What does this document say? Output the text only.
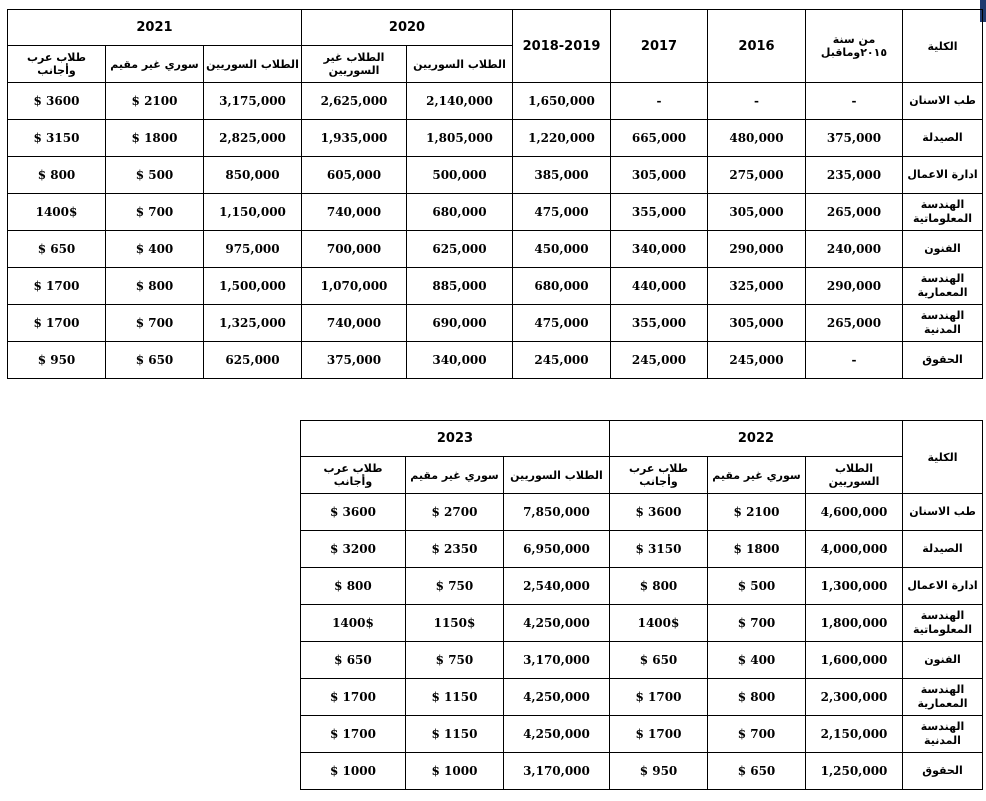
الكلية	من سنة ٢٠١٥وماقبل	2016	2017	2018-2019	2020		2021		
					الطلاب السوريين	الطلاب غير السوريين	الطلاب السوريين	سوري غير مقيم	طلاب عرب وأجانب
طب الاسنان	-	-	-	1,650,000	2,140,000	2,625,000	3,175,000	2100 $	3600 $
الصيدلة	375,000	480,000	665,000	1,220,000	1,805,000	1,935,000	2,825,000	1800 $	3150 $
ادارة الاعمال	235,000	275,000	305,000	385,000	500,000	605,000	850,000	500 $	800 $
الهندسة المعلوماتية	265,000	305,000	355,000	475,000	680,000	740,000	1,150,000	700 $	1400$
الفنون	240,000	290,000	340,000	450,000	625,000	700,000	975,000	400 $	650 $
الهندسة المعمارية	290,000	325,000	440,000	680,000	885,000	1,070,000	1,500,000	800 $	1700 $
الهندسة المدنية	265,000	305,000	355,000	475,000	690,000	740,000	1,325,000	700 $	1700 $
الحقوق	-	245,000	245,000	245,000	340,000	375,000	625,000	650 $	950 $
الكلية	2022			2023		
	الطلاب السوريين	سوري غير مقيم	طلاب عرب وأجانب	الطلاب السوريين	سوري غير مقيم	طلاب عرب وأجانب
طب الاسنان	4,600,000	2100 $	3600 $	7,850,000	2700 $	3600 $
الصيدلة	4,000,000	1800 $	3150 $	6,950,000	2350 $	3200 $
ادارة الاعمال	1,300,000	500 $	800 $	2,540,000	750 $	800 $
الهندسة المعلوماتية	1,800,000	700 $	1400$	4,250,000	1150$	1400$
الفنون	1,600,000	400 $	650 $	3,170,000	750 $	650 $
الهندسة المعمارية	2,300,000	800 $	1700 $	4,250,000	1150 $	1700 $
الهندسة المدنية	2,150,000	700 $	1700 $	4,250,000	1150 $	1700 $
الحقوق	1,250,000	650 $	950 $	3,170,000	1000 $	1000 $
